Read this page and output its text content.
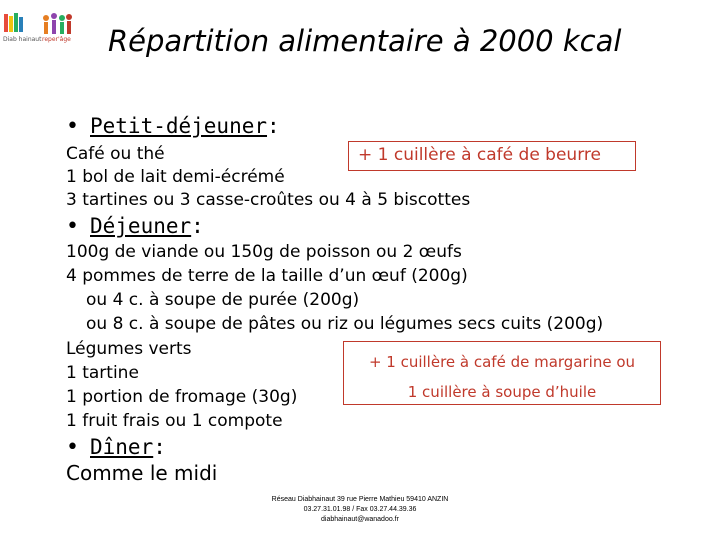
Diab hainaut reper'âge Répartition alimentaire à 2000 kcal
• Petit-déjeuner:
Café ou thé
1 bol de lait demi-écrémé
3 tartines ou 3 casse-croûtes ou 4 à 5 biscottes
+ 1 cuillère à café de beurre
• Déjeuner:
100g de viande ou 150g de poisson ou 2 œufs
4 pommes de terre de la taille d’un œuf (200g)
ou 4 c. à soupe de purée (200g)
ou 8 c. à soupe de pâtes ou riz ou légumes secs cuits (200g)
Légumes verts
1 tartine
1 portion de fromage (30g)
1 fruit frais ou 1 compote
+ 1 cuillère à café de margarine ou
1 cuillère à soupe d’huile
• Dîner:
Comme le midi
Réseau Diabhainaut 39 rue Pierre Mathieu 59410 ANZIN
03.27.31.01.98 / Fax 03.27.44.39.36
diabhainaut@wanadoo.fr
